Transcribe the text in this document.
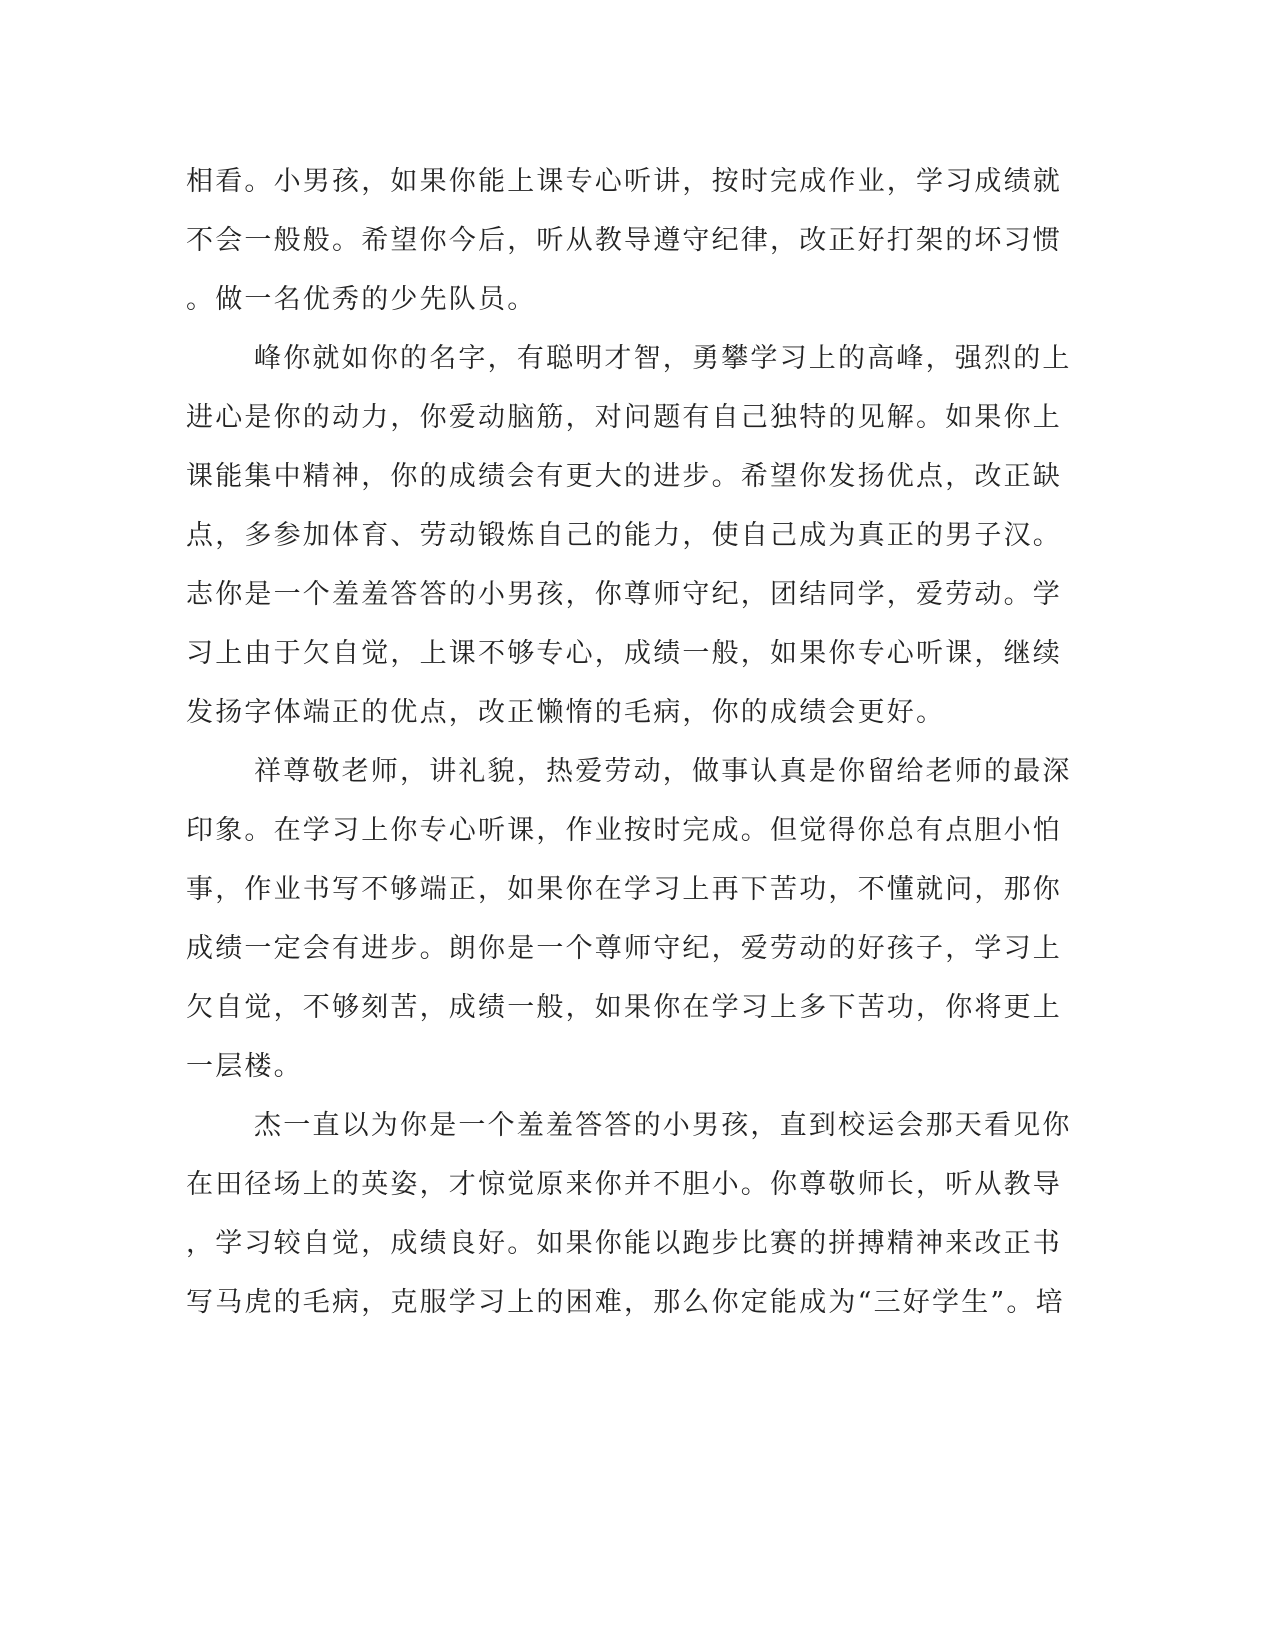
相看。小男孩，如果你能上课专心听讲，按时完成作业，学习成绩就
不会一般般。希望你今后，听从教导遵守纪律，改正好打架的坏习惯
。做一名优秀的少先队员。
峰你就如你的名字，有聪明才智，勇攀学习上的高峰，强烈的上
进心是你的动力，你爱动脑筋，对问题有自己独特的见解。如果你上
课能集中精神，你的成绩会有更大的进步。希望你发扬优点，改正缺
点，多参加体育、劳动锻炼自己的能力，使自己成为真正的男子汉。
志你是一个羞羞答答的小男孩，你尊师守纪，团结同学，爱劳动。学
习上由于欠自觉，上课不够专心，成绩一般，如果你专心听课，继续
发扬字体端正的优点，改正懒惰的毛病，你的成绩会更好。
祥尊敬老师，讲礼貌，热爱劳动，做事认真是你留给老师的最深
印象。在学习上你专心听课，作业按时完成。但觉得你总有点胆小怕
事，作业书写不够端正，如果你在学习上再下苦功，不懂就问，那你
成绩一定会有进步。朗你是一个尊师守纪，爱劳动的好孩子，学习上
欠自觉，不够刻苦，成绩一般，如果你在学习上多下苦功，你将更上
一层楼。
杰一直以为你是一个羞羞答答的小男孩，直到校运会那天看见你
在田径场上的英姿，才惊觉原来你并不胆小。你尊敬师长，听从教导
，学习较自觉，成绩良好。如果你能以跑步比赛的拼搏精神来改正书
写马虎的毛病，克服学习上的困难，那么你定能成为“三好学生”。培
